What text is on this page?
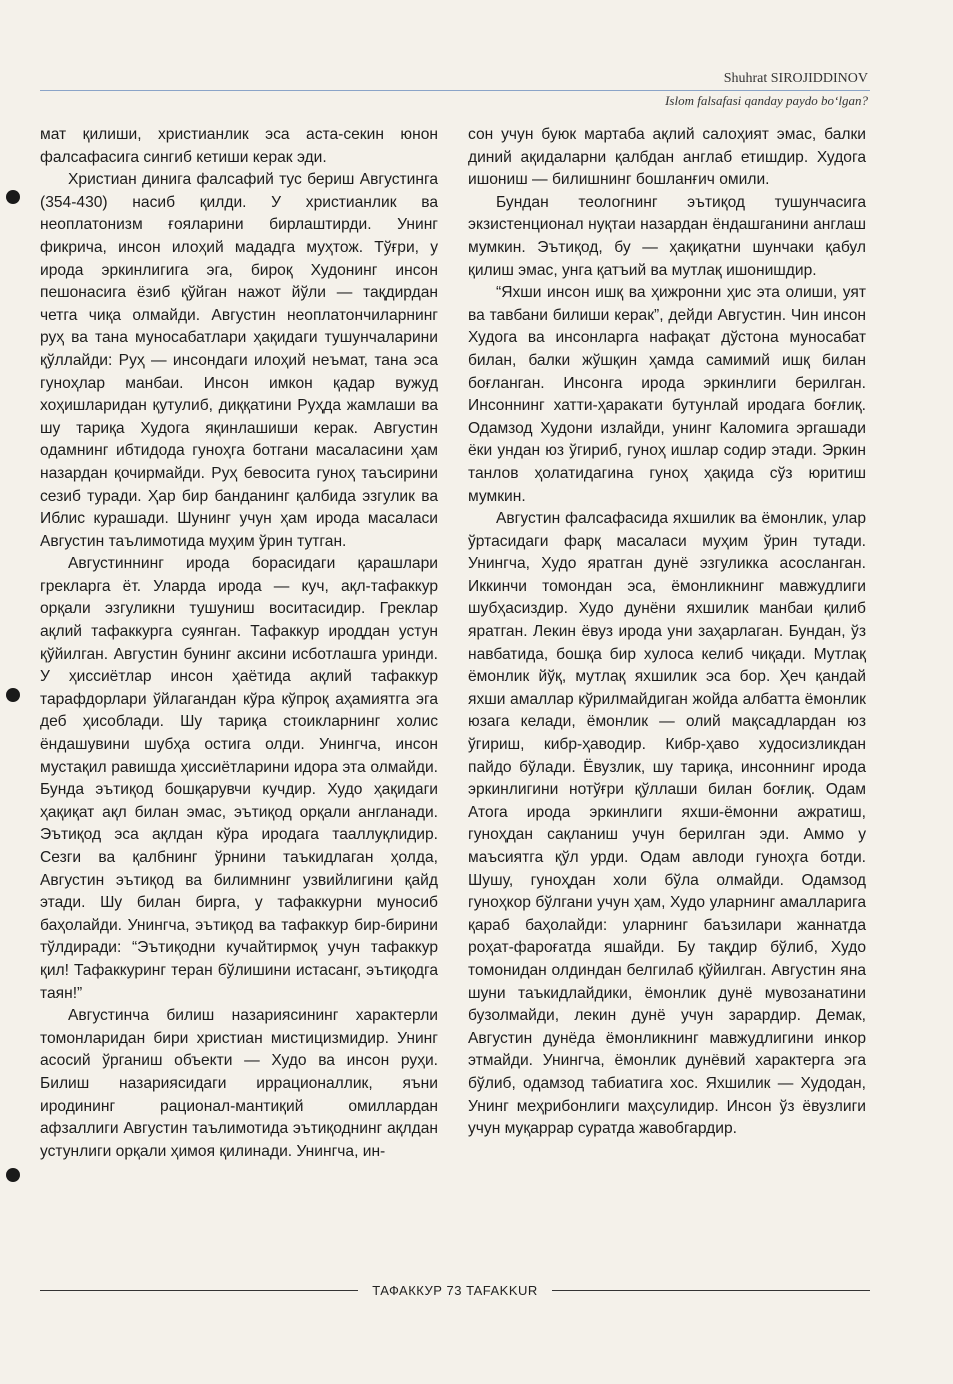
Shuhrat SIROJIDDINOV
Islom falsafasi qanday paydo bo‘lgan?

мат қилиши, христианлик эса аста-секин юнон фалсафасига сингиб кетиши керак эди.

Христиан динига фалсафий тус бериш Августинга (354-430) насиб қилди. У христианлик ва неоплатонизм ғояларини бирлаштирди. Унинг фикрича, инсон илоҳий мададга муҳтож. Тўғри, у ирода эркинлигига эга, бироқ Худонинг инсон пешонасига ёзиб қўйган нажот йўли — тақдирдан четга чиқа олмайди. Августин неоплатончиларнинг руҳ ва тана муносабатлари ҳақидаги тушунчаларини қўллайди: Руҳ — инсондаги илоҳий неъмат, тана эса гуноҳлар манбаи. Инсон имкон қадар вужуд хоҳишларидан қутулиб, диққатини Руҳда жамлаши ва шу тариқа Худога яқинлашиши керак. Августин одамнинг ибтидода гуноҳга ботгани масаласини ҳам назардан қочирмайди. Руҳ бевосита гуноҳ таъсирини сезиб туради. Ҳар бир банданинг қалбида эзгулик ва Иблис курашади. Шунинг учун ҳам ирода масаласи Августин таълимотида муҳим ўрин тутган.

Августиннинг ирода борасидаги қарашлари грекларга ёт. Уларда ирода — куч, ақл-тафаккур орқали эзгуликни тушуниш воситасидир. Греклар ақлий тафаккурга суянган. Тафаккур ироддан устун қўйилган. Августин бунинг аксини исботлашга уринди. У ҳиссиётлар инсон ҳаётида ақлий тафаккур тарафдорлари ўйлагандан кўра кўпроқ аҳамиятга эга деб ҳисоблади. Шу тариқа стоикларнинг холис ёндашувини шубҳа остига олди. Унингча, инсон мустақил равишда ҳиссиётларини идора эта олмайди. Бунда эътиқод бошқарувчи кучдир. Худо ҳақидаги ҳақиқат ақл билан эмас, эътиқод орқали англанади. Эътиқод эса ақлдан кўра иродага тааллуқлидир. Сезги ва қалбнинг ўрнини таъкидлаган ҳолда, Августин эътиқод ва билимнинг узвийлигини қайд этади. Шу билан бирга, у тафаккурни муносиб баҳолайди. Унингча, эътиқод ва тафаккур бир-бирини тўлдиради: “Эътиқодни кучайтирмоқ учун тафаккур қил! Тафаккуринг теран бўлишини истасанг, эътиқодга таян!”

Августинча билиш назариясининг характерли томонларидан бири христиан мистицизмидир. Унинг асосий ўрганиш объекти — Худо ва инсон руҳи. Билиш назариясидаги иррационаллик, яъни иродининг рационал-мантиқий омиллардан афзаллиги Августин таълимотида эътиқоднинг ақлдан устунлиги орқали ҳимоя қилинади. Унингча, ин-

сон учун буюк мартаба ақлий салоҳият эмас, балки диний ақидаларни қалбдан англаб етишдир. Худога ишониш — билишнинг бошланғич омили.

Бундан теологнинг эътиқод тушунчасига экзистенционал нуқтаи назардан ёндашганини англаш мумкин. Эътиқод, бу — ҳақиқатни шунчаки қабул қилиш эмас, унга қатъий ва мутлақ ишонишдир.

“Яхши инсон ишқ ва ҳижронни ҳис эта олиши, уят ва тавбани билиши керак”, дейди Августин. Чин инсон Худога ва инсонларга нафақат дўстона муносабат билан, балки жўшқин ҳамда самимий ишқ билан боғланган. Инсонга ирода эркинлиги берилган. Инсоннинг хатти-ҳаракати бутунлай иродага боғлиқ. Одамзод Худони излайди, унинг Каломига эргашади ёки ундан юз ўгириб, гуноҳ ишлар содир этади. Эркин танлов ҳолатидагина гуноҳ ҳақида сўз юритиш мумкин.

Августин фалсафасида яхшилик ва ёмонлик, улар ўртасидаги фарқ масаласи муҳим ўрин тутади. Унингча, Худо яратган дунё эзгуликка асосланган. Иккинчи томондан эса, ёмонликнинг мавжудлиги шубҳасиздир. Худо дунёни яхшилик манбаи қилиб яратган. Лекин ёвуз ирода уни заҳарлаган. Бундан, ўз навбатида, бошқа бир хулоса келиб чиқади. Мутлақ ёмонлик йўқ, мутлақ яхшилик эса бор. Ҳеч қандай яхши амаллар кўрилмайдиган жойда албатта ёмонлик юзага келади, ёмонлик — олий мақсадлардан юз ўгириш, кибр-ҳаводир. Кибр-ҳаво худосизликдан пайдо бўлади. Ёвузлик, шу тариқа, инсоннинг ирода эркинлигини нотўғри қўллаши билан боғлиқ. Одам Атога ирода эркинлиги яхши-ёмонни ажратиш, гуноҳдан сақланиш учун берилган эди. Аммо у маъсиятга қўл урди. Одам авлоди гуноҳга ботди. Шушу, гуноҳдан холи бўла олмайди. Одамзод гуноҳкор бўлгани учун ҳам, Худо уларнинг амалларига қараб баҳолайди: уларнинг баъзилари жаннатда роҳат-фароғатда яшайди. Бу тақдир бўлиб, Худо томонидан олдиндан белгилаб қўйилган. Августин яна шуни таъкидлайдики, ёмонлик дунё мувозанатини бузолмайди, лекин дунё учун зарардир. Демак, Августин дунёда ёмонликнинг мавжудлигини инкор этмайди. Унингча, ёмонлик дунёвий характерга эга бўлиб, одамзод табиатига хос. Яхшилик — Худодан, Унинг меҳрибонлиги маҳсулидир. Инсон ўз ёвузлиги учун муқаррар суратда жавобгардир.

ТАФАККУР 73 TAFAKKUR
